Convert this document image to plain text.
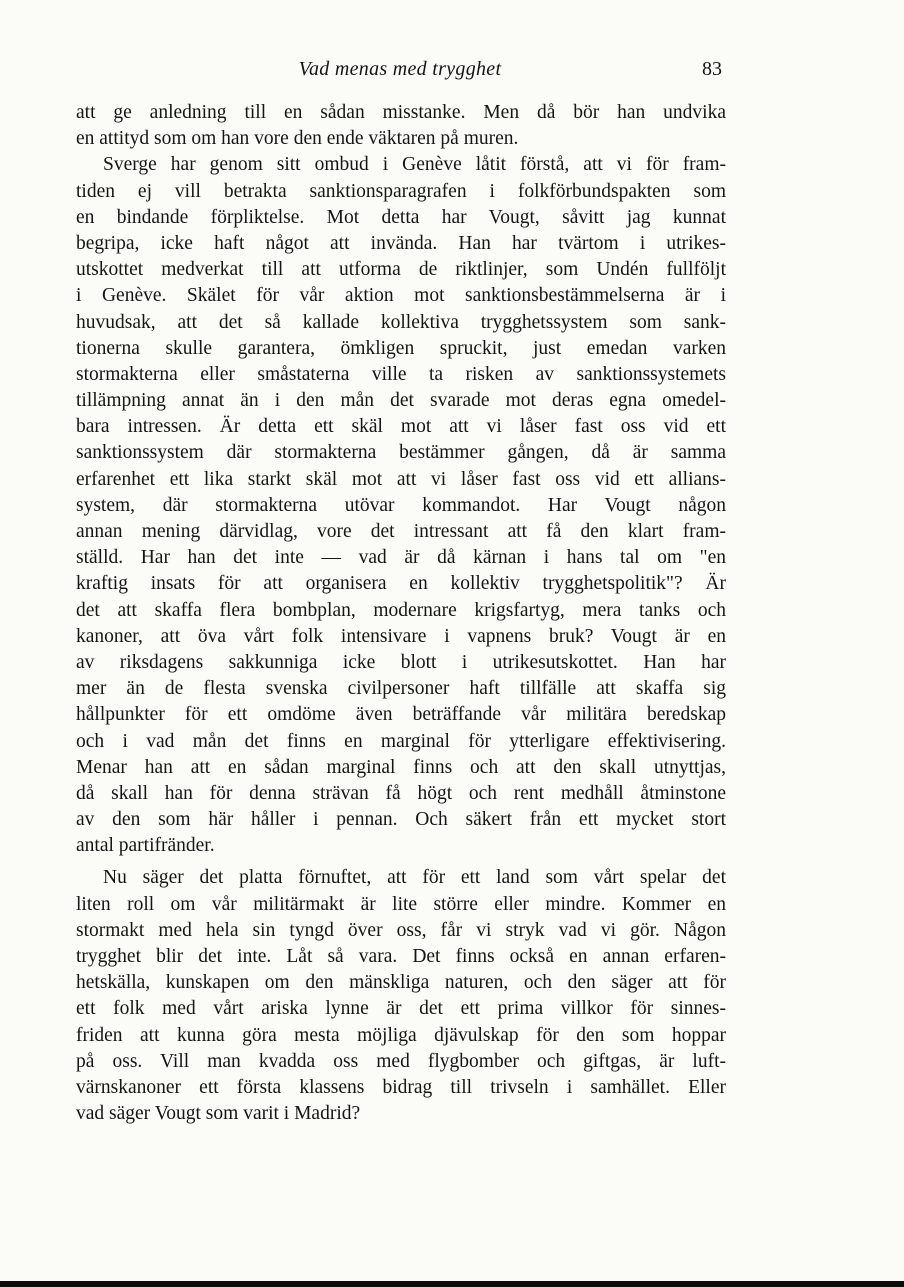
Vad menas med trygghet	83
att ge anledning till en sådan misstanke. Men då bör han undvika
en attityd som om han vore den ende väktaren på muren.
Sverge har genom sitt ombud i Genève låtit förstå, att vi för fram-
tiden ej vill betrakta sanktionsparagrafen i folkförbundspakten som
en bindande förpliktelse. Mot detta har Vougt, såvitt jag kunnat
begripa, icke haft något att invända. Han har tvärtom i utrikes-
utskottet medverkat till att utforma de riktlinjer, som Undén fullföljt
i Genève. Skälet för vår aktion mot sanktionsbestämmelserna är i
huvudsak, att det så kallade kollektiva trygghetssystem som sank-
tionerna skulle garantera, ömkligen spruckit, just emedan varken
stormakterna eller småstaterna ville ta risken av sanktionssystemets
tillämpning annat än i den mån det svarade mot deras egna omedel-
bara intressen. Är detta ett skäl mot att vi låser fast oss vid ett
sanktionssystem där stormakterna bestämmer gången, då är samma
erfarenhet ett lika starkt skäl mot att vi låser fast oss vid ett allians-
system, där stormakterna utövar kommandot. Har Vougt någon
annan mening därvidlag, vore det intressant att få den klart fram-
ställd. Har han det inte — vad är då kärnan i hans tal om "en
kraftig insats för att organisera en kollektiv trygghetspolitik"? Är
det att skaffa flera bombplan, modernare krigsfartyg, mera tanks och
kanoner, att öva vårt folk intensivare i vapnens bruk? Vougt är en
av riksdagens sakkunniga icke blott i utrikesutskottet. Han har
mer än de flesta svenska civilpersoner haft tillfälle att skaffa sig
hållpunkter för ett omdöme även beträffande vår militära beredskap
och i vad mån det finns en marginal för ytterligare effektivisering.
Menar han att en sådan marginal finns och att den skall utnyttjas,
då skall han för denna strävan få högt och rent medhåll åtminstone
av den som här håller i pennan. Och säkert från ett mycket stort
antal partifränder.
Nu säger det platta förnuftet, att för ett land som vårt spelar det
liten roll om vår militärmakt är lite större eller mindre. Kommer en
stormakt med hela sin tyngd över oss, får vi stryk vad vi gör. Någon
trygghet blir det inte. Låt så vara. Det finns också en annan erfaren-
hetskälla, kunskapen om den mänskliga naturen, och den säger att för
ett folk med vårt ariska lynne är det ett prima villkor för sinnes-
friden att kunna göra mesta möjliga djävulskap för den som hoppar
på oss. Vill man kvadda oss med flygbomber och giftgas, är luft-
värnskanoner ett första klassens bidrag till trivseln i samhället. Eller
vad säger Vougt som varit i Madrid?
